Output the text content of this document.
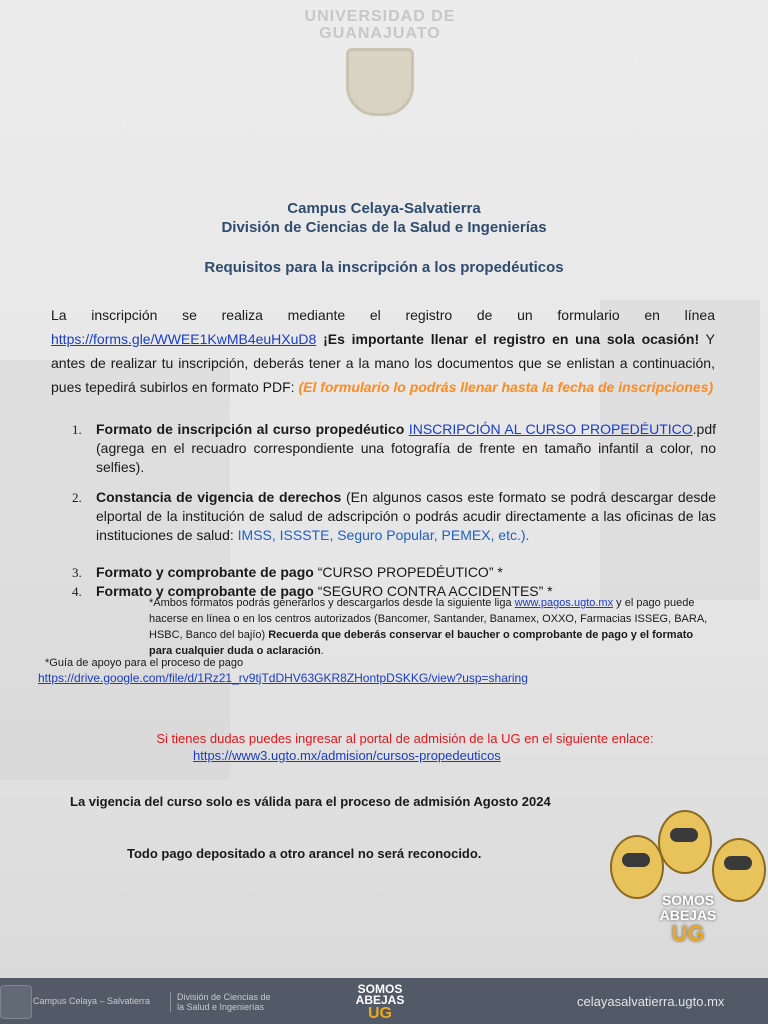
UNIVERSIDAD DE
GUANAJUATO
Campus Celaya-Salvatierra
División de Ciencias de la Salud e Ingenierías
Requisitos para la inscripción a los propedéuticos

La inscripción se realiza mediante el registro de un formulario en línea https://forms.gle/WWEE1KwMB4euHXuD8 ¡Es importante llenar el registro en una sola ocasión! Y antes de realizar tu inscripción, deberás tener a la mano los documentos que se enlistan a continuación, pues tepedirá subirlos en formato PDF: (El formulario lo podrás llenar hasta la fecha de inscripciones)

1. Formato de inscripción al curso propedéutico INSCRIPCIÓN AL CURSO PROPEDÉUTICO.pdf (agrega en el recuadro correspondiente una fotografía de frente en tamaño infantil a color, no selfies).
2. Constancia de vigencia de derechos (En algunos casos este formato se podrá descargar desde elportal de la institución de salud de adscripción o podrás acudir directamente a las oficinas de las instituciones de salud: IMSS, ISSSTE, Seguro Popular, PEMEX, etc.).
3. Formato y comprobante de pago “CURSO PROPEDÉUTICO” *
4. Formato y comprobante de pago “SEGURO CONTRA ACCIDENTES” *
*Ambos formatos podrás generarlos y descargarlos desde la siguiente liga www.pagos.ugto.mx y el pago puede hacerse en línea o en los centros autorizados (Bancomer, Santander, Banamex, OXXO, Farmacias ISSEG, BARA, HSBC, Banco del bajío) Recuerda que deberás conservar el baucher o comprobante de pago y el formato para cualquier duda o aclaración.
*Guía de apoyo para el proceso de pago
https://drive.google.com/file/d/1Rz21_rv9tjTdDHV63GKR8ZHontpDSKKG/view?usp=sharing
Si tienes dudas puedes ingresar al portal de admisión de la UG en el siguiente enlace:
https://www3.ugto.mx/admision/cursos-propedeuticos
La vigencia del curso solo es válida para el proceso de admisión Agosto 2024
Todo pago depositado a otro arancel no será reconocido.
SOMOS
ABEJAS
UG
Campus Celaya – Salvatierra	División de Ciencias de
la Salud e Ingenierías
SOMOS
ABEJAS
UG
celayasalvatierra.ugto.mx
